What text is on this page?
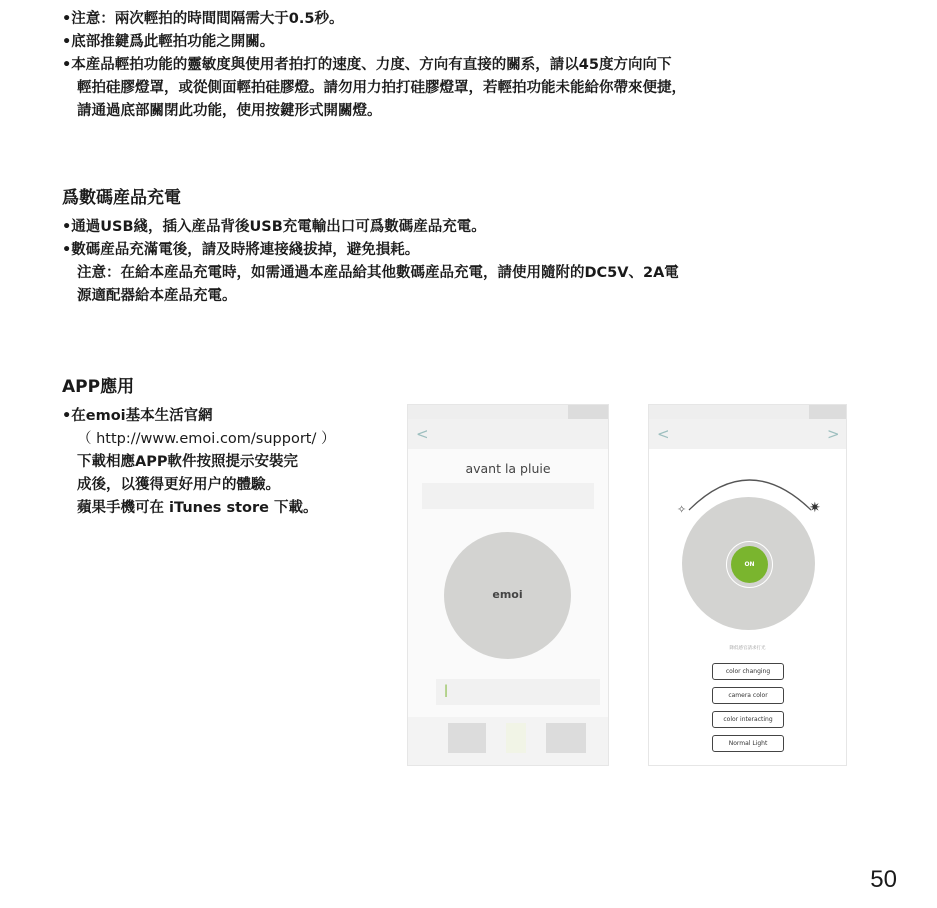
•注意：兩次輕拍的時間間隔需大于0.5秒。
•底部推鍵爲此輕拍功能之開關。
•本産品輕拍功能的靈敏度與使用者拍打的速度、力度、方向有直接的關系，請以45度方向向下
輕拍硅膠燈罩，或從側面輕拍硅膠燈。請勿用力拍打硅膠燈罩，若輕拍功能未能給你帶來便捷，
請通過底部關閉此功能，使用按鍵形式開關燈。
爲數碼産品充電
•通過USB綫，插入産品背後USB充電輸出口可爲數碼産品充電。
•數碼産品充滿電後，請及時將連接綫拔掉，避免損耗。
注意：在給本産品充電時，如需通過本産品給其他數碼産品充電，請使用隨附的DC5V、2A電
源適配器給本産品充電。
APP應用
•在emoi基本生活官網
（ http://www.emoi.com/support/ ）
下載相應APP軟件按照提示安裝完
成後，以獲得更好用户的體驗。
蘋果手機可在 iTunes store 下載。
<
avant la pluie
emoi
|
<	>
✧	✷
ON
降低感官請求打光
color changing
camera color
color interacting
Normal Light
50
